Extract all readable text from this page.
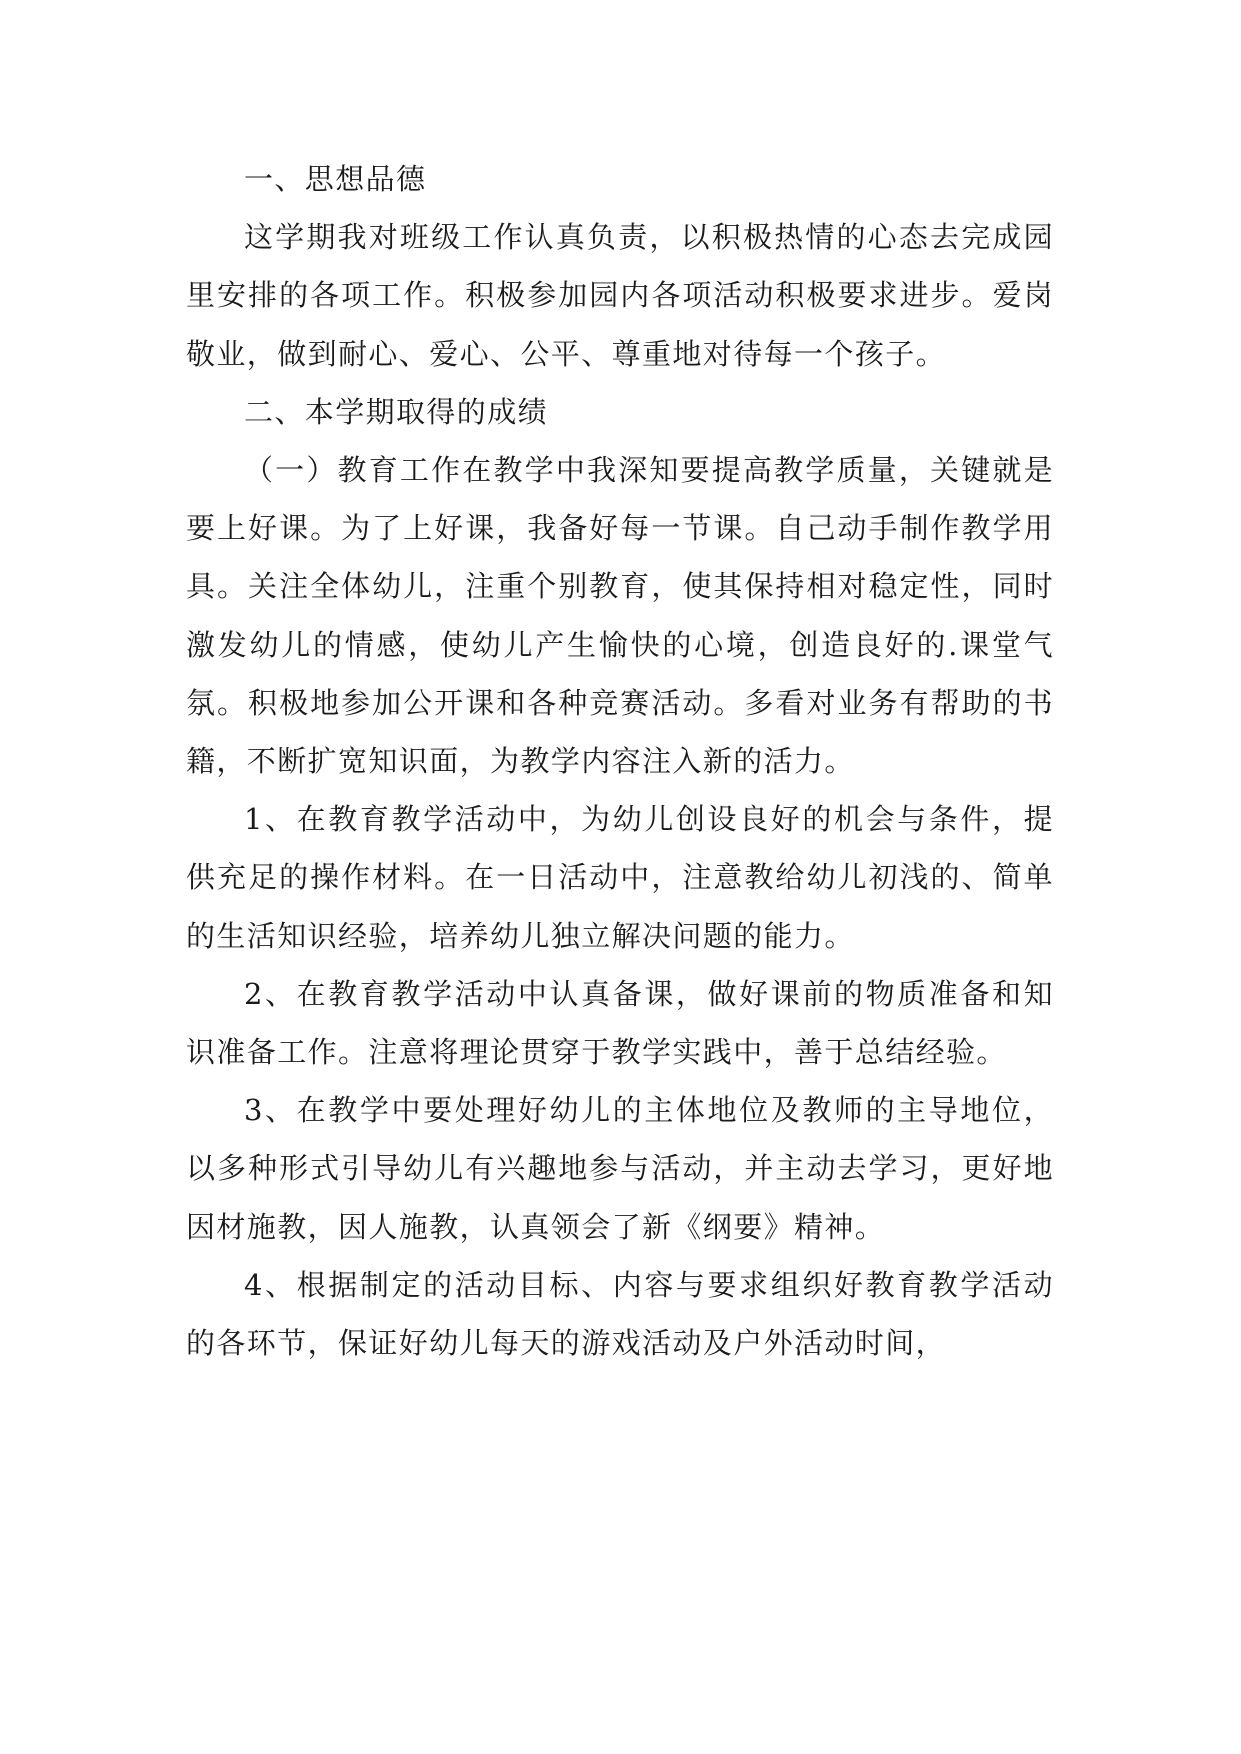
一、思想品德

这学期我对班级工作认真负责，以积极热情的心态去完成园里安排的各项工作。积极参加园内各项活动积极要求进步。爱岗敬业，做到耐心、爱心、公平、尊重地对待每一个孩子。

二、本学期取得的成绩

（一）教育工作在教学中我深知要提高教学质量，关键就是要上好课。为了上好课，我备好每一节课。自己动手制作教学用具。关注全体幼儿，注重个别教育，使其保持相对稳定性，同时激发幼儿的情感，使幼儿产生愉快的心境，创造良好的.课堂气氛。积极地参加公开课和各种竞赛活动。多看对业务有帮助的书籍，不断扩宽知识面，为教学内容注入新的活力。

1、在教育教学活动中，为幼儿创设良好的机会与条件，提供充足的操作材料。在一日活动中，注意教给幼儿初浅的、简单的生活知识经验，培养幼儿独立解决问题的能力。

2、在教育教学活动中认真备课，做好课前的物质准备和知识准备工作。注意将理论贯穿于教学实践中，善于总结经验。

3、在教学中要处理好幼儿的主体地位及教师的主导地位，以多种形式引导幼儿有兴趣地参与活动，并主动去学习，更好地因材施教，因人施教，认真领会了新《纲要》精神。

4、根据制定的活动目标、内容与要求组织好教育教学活动的各环节，保证好幼儿每天的游戏活动及户外活动时间，
